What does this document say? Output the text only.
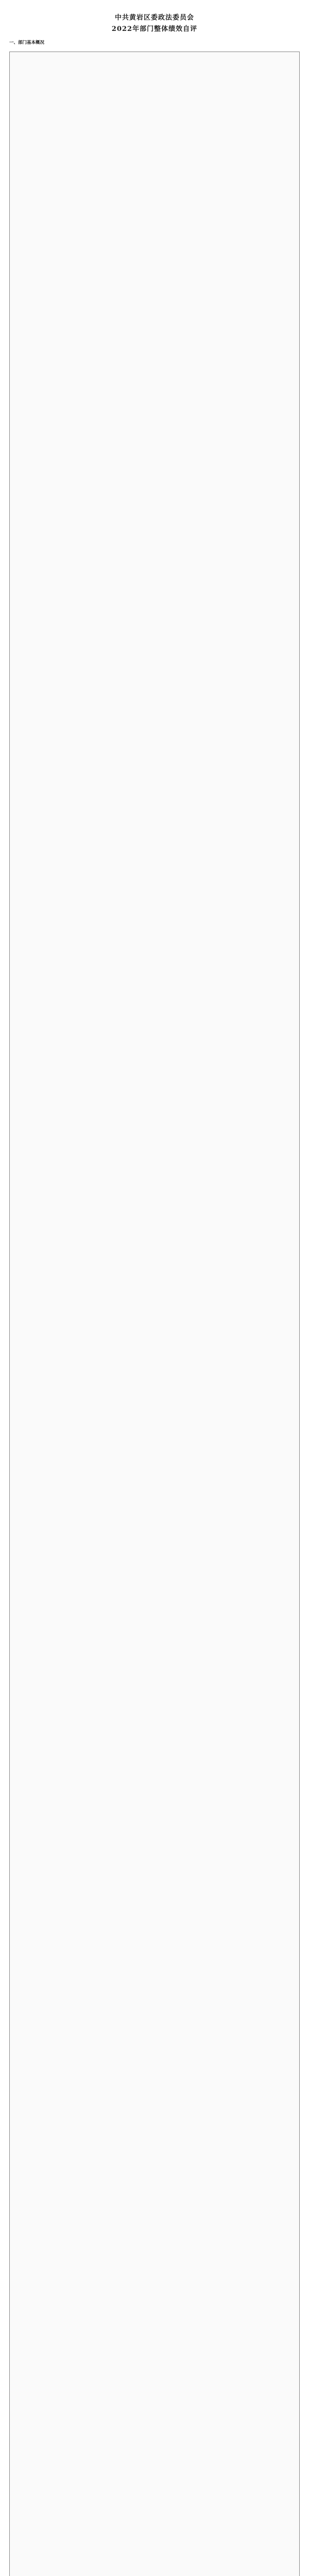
中共黄岩区委政法委员会
2022年部门整体绩效自评
一、部门基本概况
